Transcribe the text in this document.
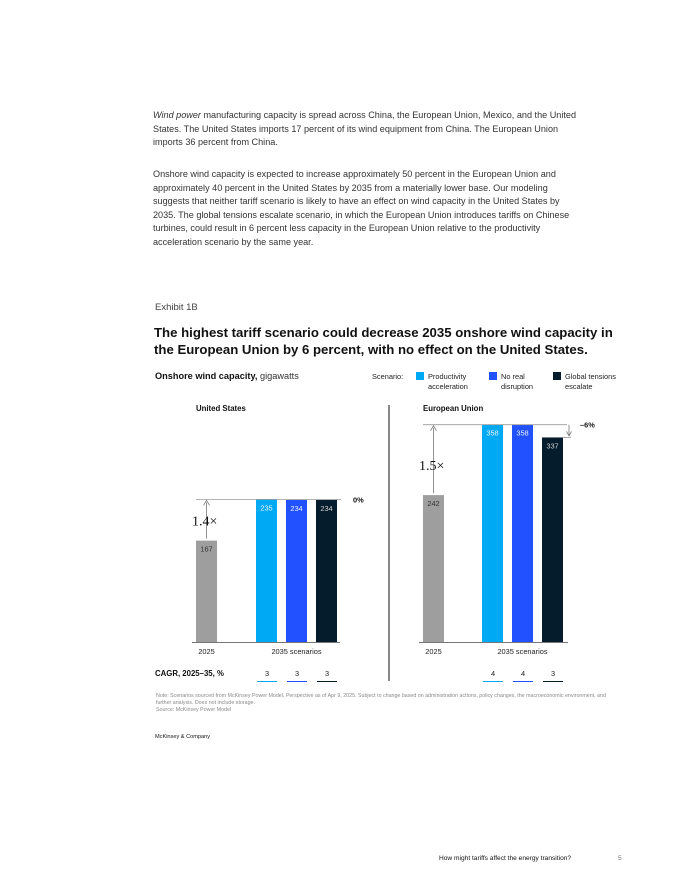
Wind power manufacturing capacity is spread across China, the European Union, Mexico, and the United States. The United States imports 17 percent of its wind equipment from China. The European Union imports 36 percent from China.

Onshore wind capacity is expected to increase approximately 50 percent in the European Union and approximately 40 percent in the United States by 2035 from a materially lower base. Our modeling suggests that neither tariff scenario is likely to have an effect on wind capacity in the United States by 2035. The global tensions escalate scenario, in which the European Union introduces tariffs on Chinese turbines, could result in 6 percent less capacity in the European Union relative to the productivity acceleration scenario by the same year.

Exhibit 1B

The highest tariff scenario could decrease 2035 onshore wind capacity in the European Union by 6 percent, with no effect on the United States.

Onshore wind capacity, gigawatts	Scenario:	Productivity
acceleration
No real
disruption
Global tensions
escalate
United States
167
235 234 234
1.4×
0%
2025	2035 scenarios
3	3	3
European Union
242
358 358
337
1.5×
–6%
2025	2035 scenarios
4	4	3
CAGR, 2025–35, %
Note: Scenarios sourced from McKinsey Power Model, Perspective as of Apr 9, 2025. Subject to change based on administration actions, policy changes, the macroeconomic environment, and further analysis. Does not include storage.
Source: McKinsey Power Model
McKinsey & Company
How might tariffs affect the energy transition?	5
